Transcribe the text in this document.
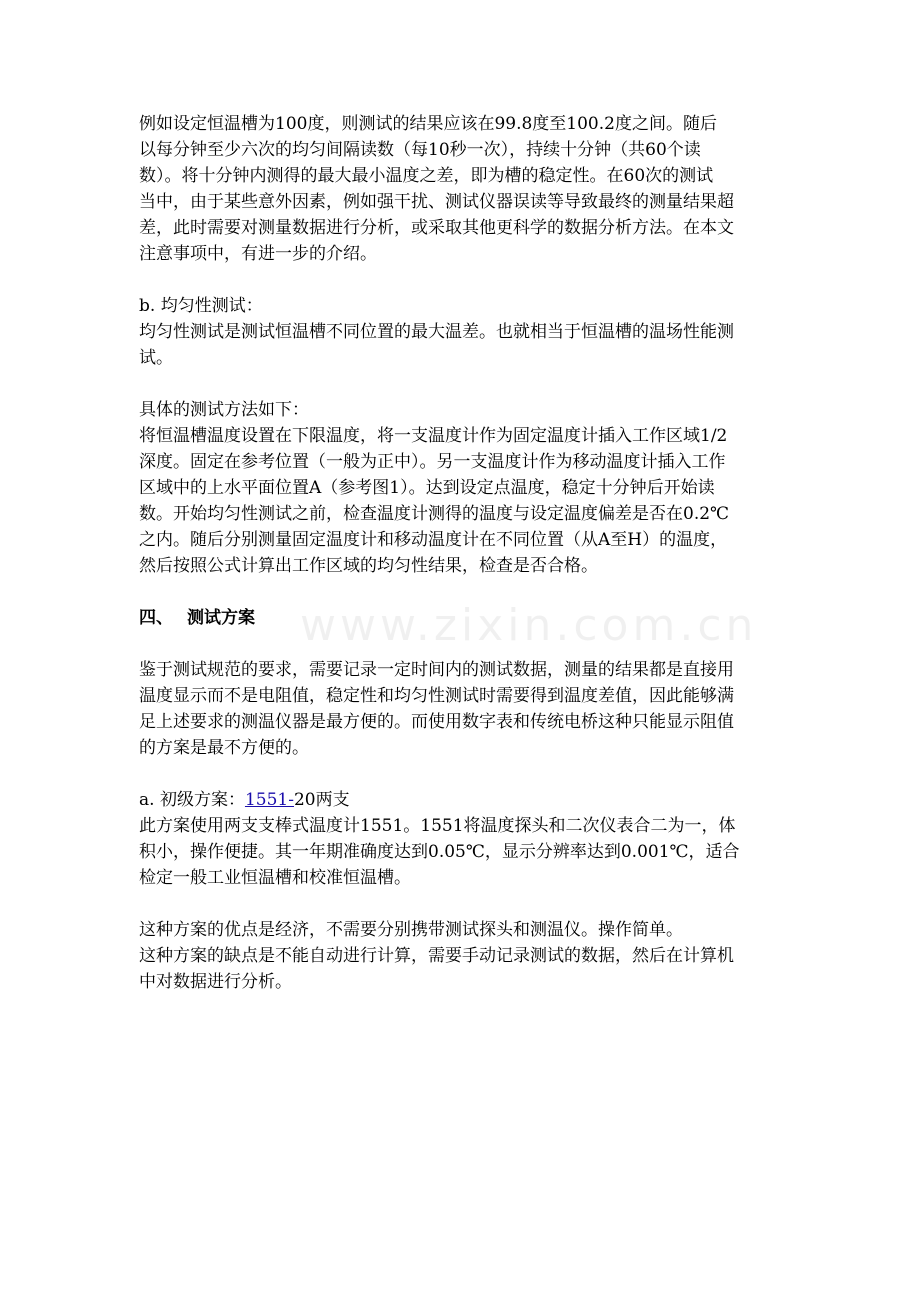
www.zixin.com.cn

例如设定恒温槽为100度，则测试的结果应该在99.8度至100.2度之间。随后
以每分钟至少六次的均匀间隔读数（每10秒一次），持续十分钟（共60个读
数）。将十分钟内测得的最大最小温度之差，即为槽的稳定性。在60次的测试
当中，由于某些意外因素，例如强干扰、测试仪器误读等导致最终的测量结果超
差，此时需要对测量数据进行分析，或采取其他更科学的数据分析方法。在本文
注意事项中，有进一步的介绍。

b. 均匀性测试：

均匀性测试是测试恒温槽不同位置的最大温差。也就相当于恒温槽的温场性能测
试。

具体的测试方法如下：

将恒温槽温度设置在下限温度，将一支温度计作为固定温度计插入工作区域1/2
深度。固定在参考位置（一般为正中）。另一支温度计作为移动温度计插入工作
区域中的上水平面位置A（参考图1）。达到设定点温度，稳定十分钟后开始读
数。开始均匀性测试之前，检查温度计测得的温度与设定温度偏差是否在0.2℃
之内。随后分别测量固定温度计和移动温度计在不同位置（从A至H）的温度，
然后按照公式计算出工作区域的均匀性结果，检查是否合格。

四、 测试方案

鉴于测试规范的要求，需要记录一定时间内的测试数据，测量的结果都是直接用
温度显示而不是电阻值，稳定性和均匀性测试时需要得到温度差值，因此能够满
足上述要求的测温仪器是最方便的。而使用数字表和传统电桥这种只能显示阻值
的方案是最不方便的。

a. 初级方案：1551-20两支

此方案使用两支支棒式温度计1551。1551将温度探头和二次仪表合二为一，体
积小，操作便捷。其一年期准确度达到0.05℃，显示分辨率达到0.001℃，适合
检定一般工业恒温槽和校准恒温槽。

这种方案的优点是经济，不需要分别携带测试探头和测温仪。操作简单。

这种方案的缺点是不能自动进行计算，需要手动记录测试的数据，然后在计算机
中对数据进行分析。
